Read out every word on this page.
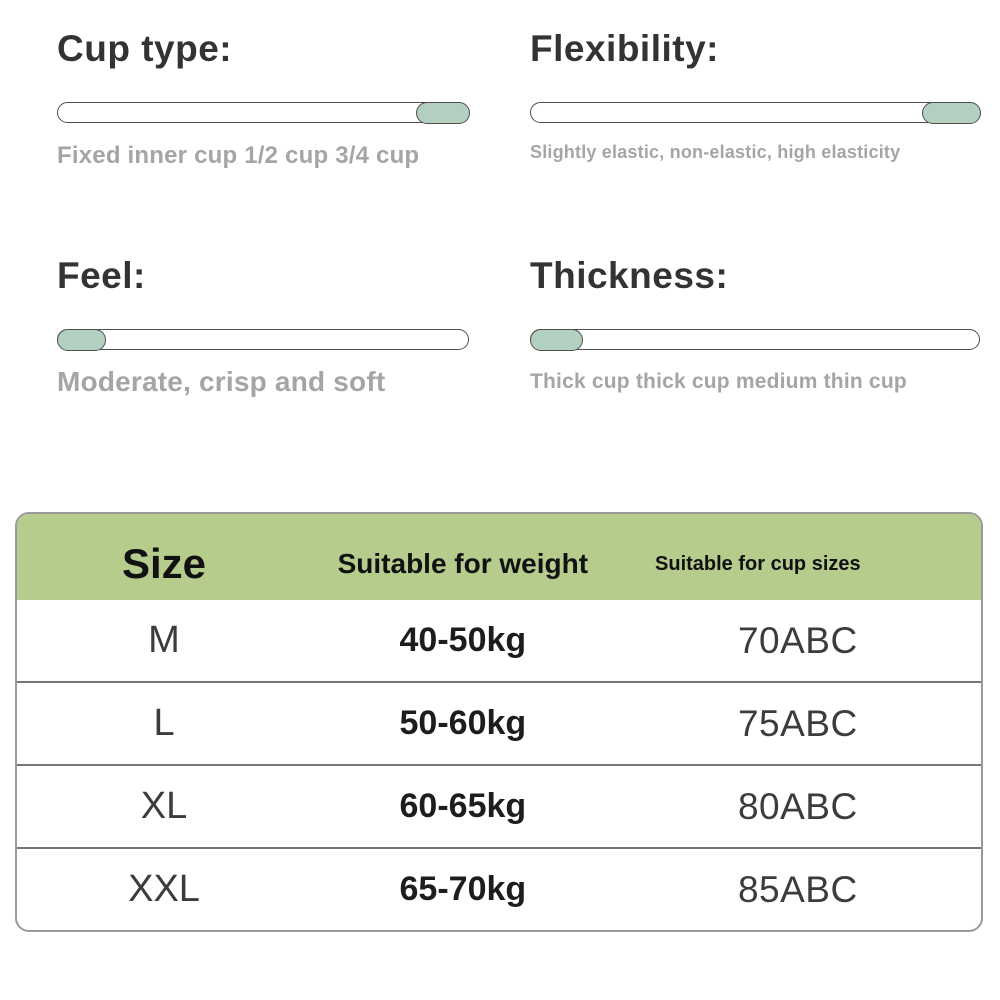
Cup type:

Fixed inner cup 1/2 cup 3/4 cup

Flexibility:

Slightly elastic, non-elastic, high elasticity

Feel:

Moderate, crisp and soft

Thickness:

Thick cup thick cup medium thin cup

Size	Suitable for weight	Suitable for cup sizes
M	40-50kg	70ABC
L	50-60kg	75ABC
XL	60-65kg	80ABC
XXL	65-70kg	85ABC
